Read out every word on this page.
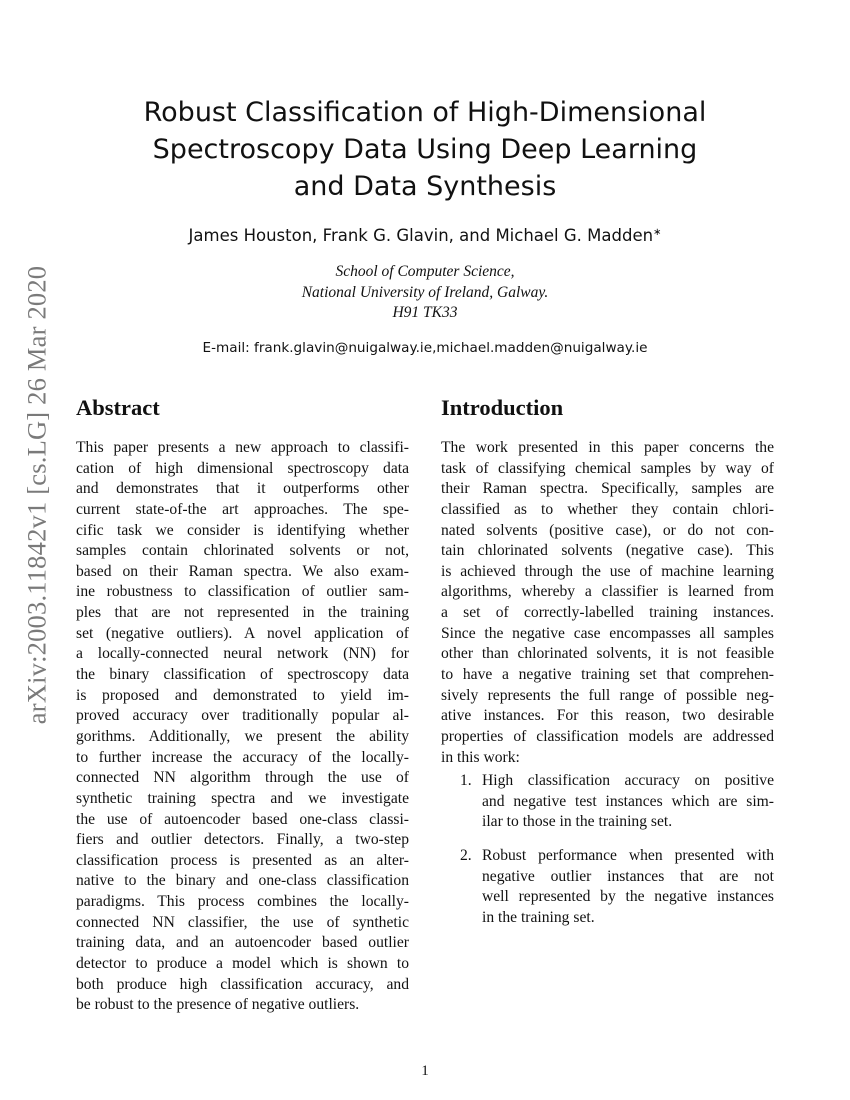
arXiv:2003.11842v1 [cs.LG] 26 Mar 2020
Robust Classification of High-Dimensional
Spectroscopy Data Using Deep Learning
and Data Synthesis
James Houston, Frank G. Glavin, and Michael G. Madden∗
School of Computer Science,
National University of Ireland, Galway.
H91 TK33
E-mail: frank.glavin@nuigalway.ie,michael.madden@nuigalway.ie
Abstract	Introduction
This paper presents a new approach to classifi-
cation of high dimensional spectroscopy data
and demonstrates that it outperforms other
current state-of-the art approaches. The spe-
cific task we consider is identifying whether
samples contain chlorinated solvents or not,
based on their Raman spectra. We also exam-
ine robustness to classification of outlier sam-
ples that are not represented in the training
set (negative outliers). A novel application of
a locally-connected neural network (NN) for
the binary classification of spectroscopy data
is proposed and demonstrated to yield im-
proved accuracy over traditionally popular al-
gorithms. Additionally, we present the ability
to further increase the accuracy of the locally-
connected NN algorithm through the use of
synthetic training spectra and we investigate
the use of autoencoder based one-class classi-
fiers and outlier detectors. Finally, a two-step
classification process is presented as an alter-
native to the binary and one-class classification
paradigms. This process combines the locally-
connected NN classifier, the use of synthetic
training data, and an autoencoder based outlier
detector to produce a model which is shown to
both produce high classification accuracy, and
be robust to the presence of negative outliers.
The work presented in this paper concerns the
task of classifying chemical samples by way of
their Raman spectra. Specifically, samples are
classified as to whether they contain chlori-
nated solvents (positive case), or do not con-
tain chlorinated solvents (negative case). This
is achieved through the use of machine learning
algorithms, whereby a classifier is learned from
a set of correctly-labelled training instances.
Since the negative case encompasses all samples
other than chlorinated solvents, it is not feasible
to have a negative training set that comprehen-
sively represents the full range of possible neg-
ative instances. For this reason, two desirable
properties of classification models are addressed
in this work:
1. High classification accuracy on positive
and negative test instances which are sim-
ilar to those in the training set.
2. Robust performance when presented with
negative outlier instances that are not
well represented by the negative instances
in the training set.
1
